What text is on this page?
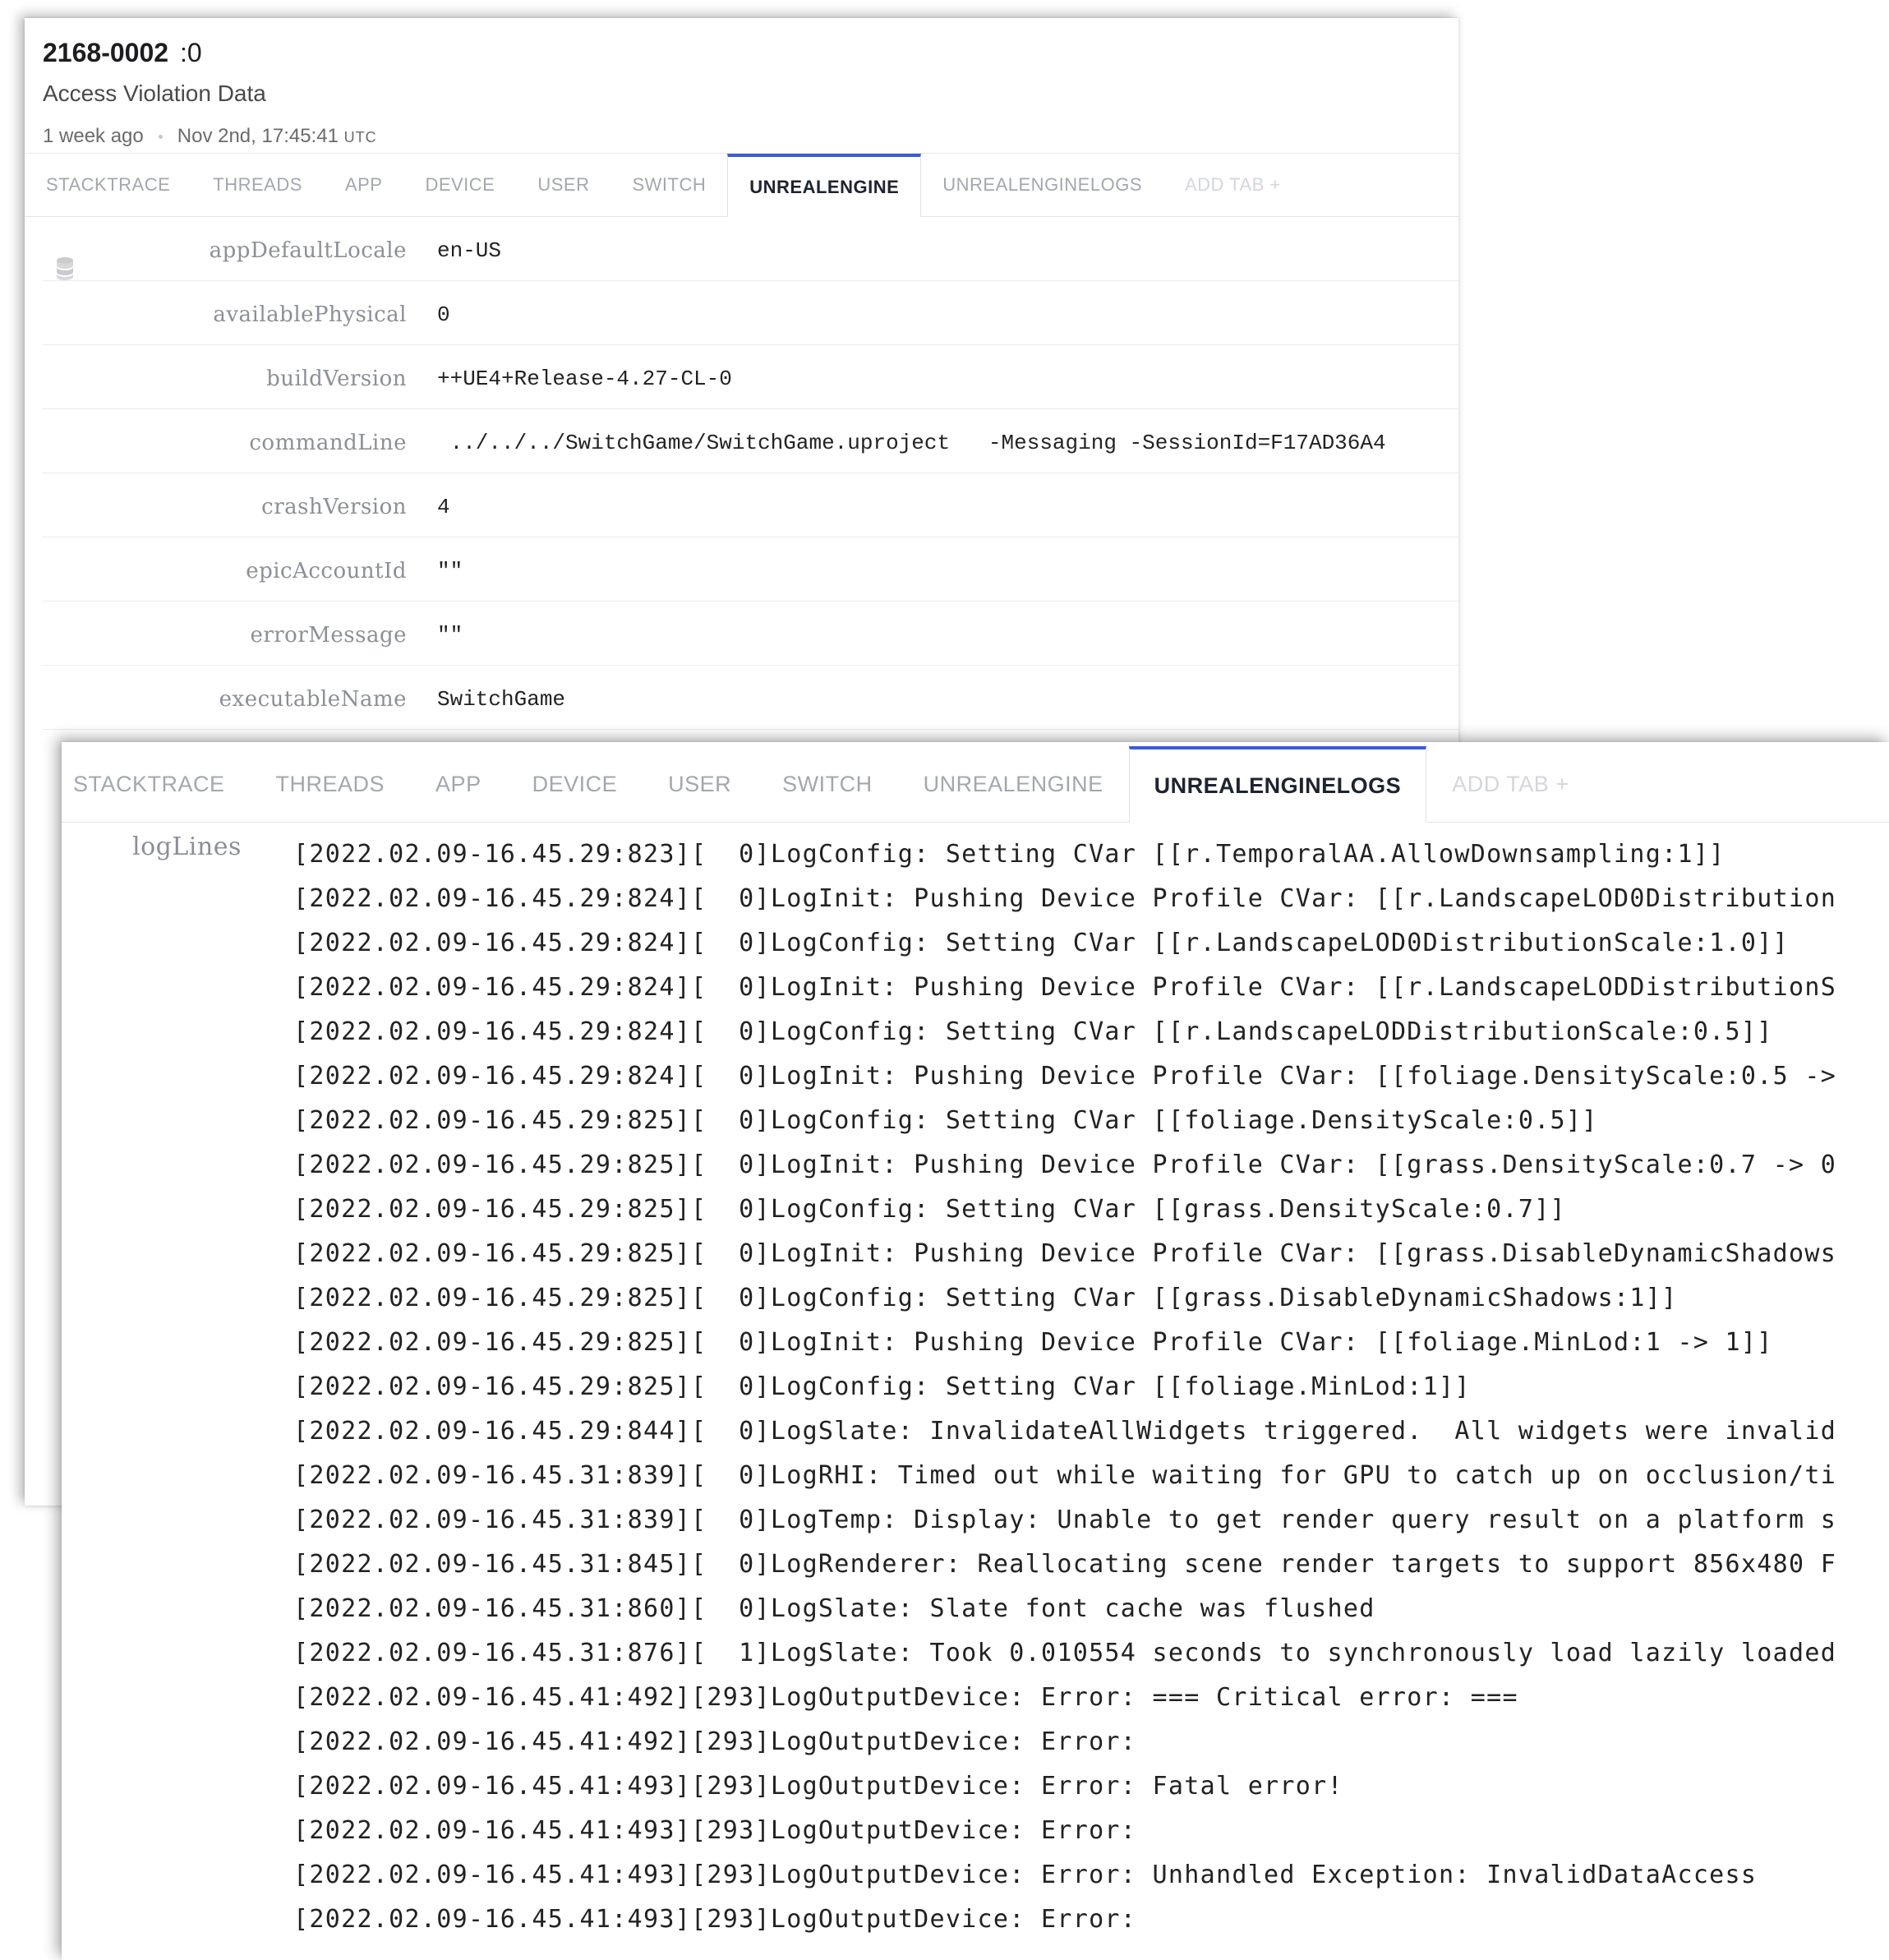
2168-0002 :0
Access Violation Data
1 week ago Nov 2nd, 17:45:41 UTC
STACKTRACE	THREADS	APP	DEVICE	USER	SWITCH	UNREALENGINE	UNREALENGINELOGS	ADD TAB +
appDefaultLocale en-US
availablePhysical 0
buildVersion ++UE4+Release-4.27-CL-0
commandLine ../../../SwitchGame/SwitchGame.uproject   -Messaging -SessionId=F17AD36A4
crashVersion 4
epicAccountId ""
errorMessage ""
executableName SwitchGame
STACKTRACE	THREADS	APP	DEVICE	USER	SWITCH	UNREALENGINE	UNREALENGINELOGS	ADD TAB +
logLines [2022.02.09-16.45.29:823][  0]LogConfig: Setting CVar [[r.TemporalAA.AllowDownsampling:1]]
[2022.02.09-16.45.29:824][  0]LogInit: Pushing Device Profile CVar: [[r.LandscapeLOD0Distribution
[2022.02.09-16.45.29:824][  0]LogConfig: Setting CVar [[r.LandscapeLOD0DistributionScale:1.0]]
[2022.02.09-16.45.29:824][  0]LogInit: Pushing Device Profile CVar: [[r.LandscapeLODDistributionS
[2022.02.09-16.45.29:824][  0]LogConfig: Setting CVar [[r.LandscapeLODDistributionScale:0.5]]
[2022.02.09-16.45.29:824][  0]LogInit: Pushing Device Profile CVar: [[foliage.DensityScale:0.5 ->
[2022.02.09-16.45.29:825][  0]LogConfig: Setting CVar [[foliage.DensityScale:0.5]]
[2022.02.09-16.45.29:825][  0]LogInit: Pushing Device Profile CVar: [[grass.DensityScale:0.7 -> 0
[2022.02.09-16.45.29:825][  0]LogConfig: Setting CVar [[grass.DensityScale:0.7]]
[2022.02.09-16.45.29:825][  0]LogInit: Pushing Device Profile CVar: [[grass.DisableDynamicShadows
[2022.02.09-16.45.29:825][  0]LogConfig: Setting CVar [[grass.DisableDynamicShadows:1]]
[2022.02.09-16.45.29:825][  0]LogInit: Pushing Device Profile CVar: [[foliage.MinLod:1 -> 1]]
[2022.02.09-16.45.29:825][  0]LogConfig: Setting CVar [[foliage.MinLod:1]]
[2022.02.09-16.45.29:844][  0]LogSlate: InvalidateAllWidgets triggered.  All widgets were invalid
[2022.02.09-16.45.31:839][  0]LogRHI: Timed out while waiting for GPU to catch up on occlusion/ti
[2022.02.09-16.45.31:839][  0]LogTemp: Display: Unable to get render query result on a platform s
[2022.02.09-16.45.31:845][  0]LogRenderer: Reallocating scene render targets to support 856x480 F
[2022.02.09-16.45.31:860][  0]LogSlate: Slate font cache was flushed
[2022.02.09-16.45.31:876][  1]LogSlate: Took 0.010554 seconds to synchronously load lazily loaded
[2022.02.09-16.45.41:492][293]LogOutputDevice: Error: === Critical error: ===
[2022.02.09-16.45.41:492][293]LogOutputDevice: Error:
[2022.02.09-16.45.41:493][293]LogOutputDevice: Error: Fatal error!
[2022.02.09-16.45.41:493][293]LogOutputDevice: Error:
[2022.02.09-16.45.41:493][293]LogOutputDevice: Error: Unhandled Exception: InvalidDataAccess
[2022.02.09-16.45.41:493][293]LogOutputDevice: Error:
